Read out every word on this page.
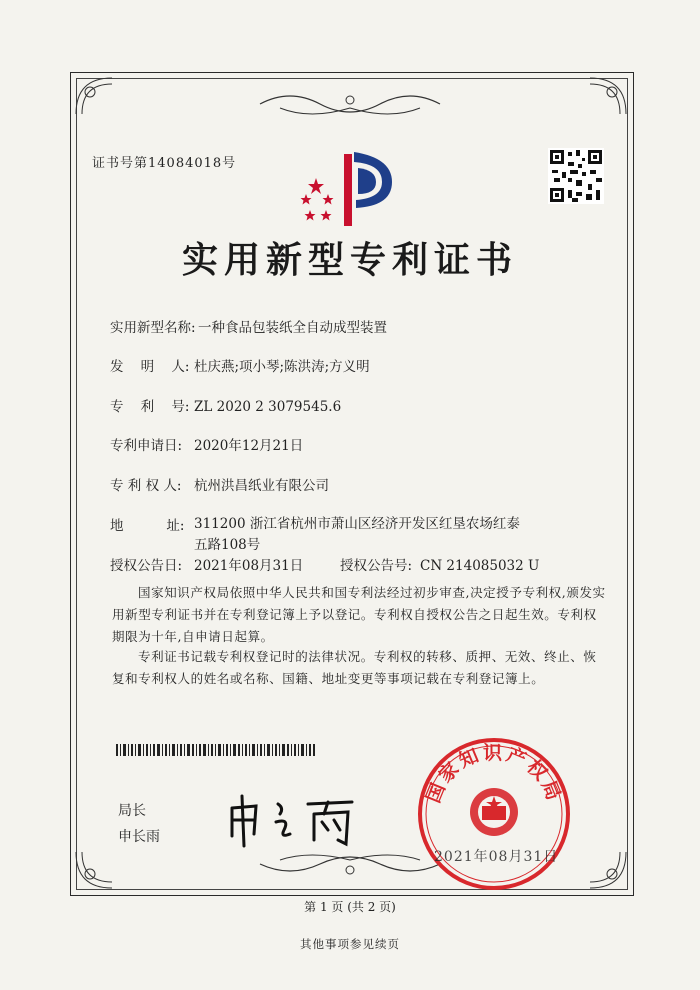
证书号第14084018号
实用新型专利证书
实用新型名称: 一种食品包装纸全自动成型装置
发    明    人: 杜庆燕;项小琴;陈洪涛;方义明
专    利    号: ZL 2020 2 3079545.6
专利申请日: 2020年12月21日
专 利 权 人: 杭州洪昌纸业有限公司
地          址: 311200 浙江省杭州市萧山区经济开发区红垦农场红泰五路108号
授权公告日: 2021年08月31日	授权公告号: CN 214085032 U
国家知识产权局依照中华人民共和国专利法经过初步审查,决定授予专利权,颁发实用新型专利证书并在专利登记簿上予以登记。专利权自授权公告之日起生效。专利权期限为十年,自申请日起算。
专利证书记载专利权登记时的法律状况。专利权的转移、质押、无效、终止、恢复和专利权人的姓名或名称、国籍、地址变更等事项记载在专利登记簿上。
局长
申长雨
国家知识产权局
2021年08月31日
第 1 页 (共 2 页)
其他事项参见续页
